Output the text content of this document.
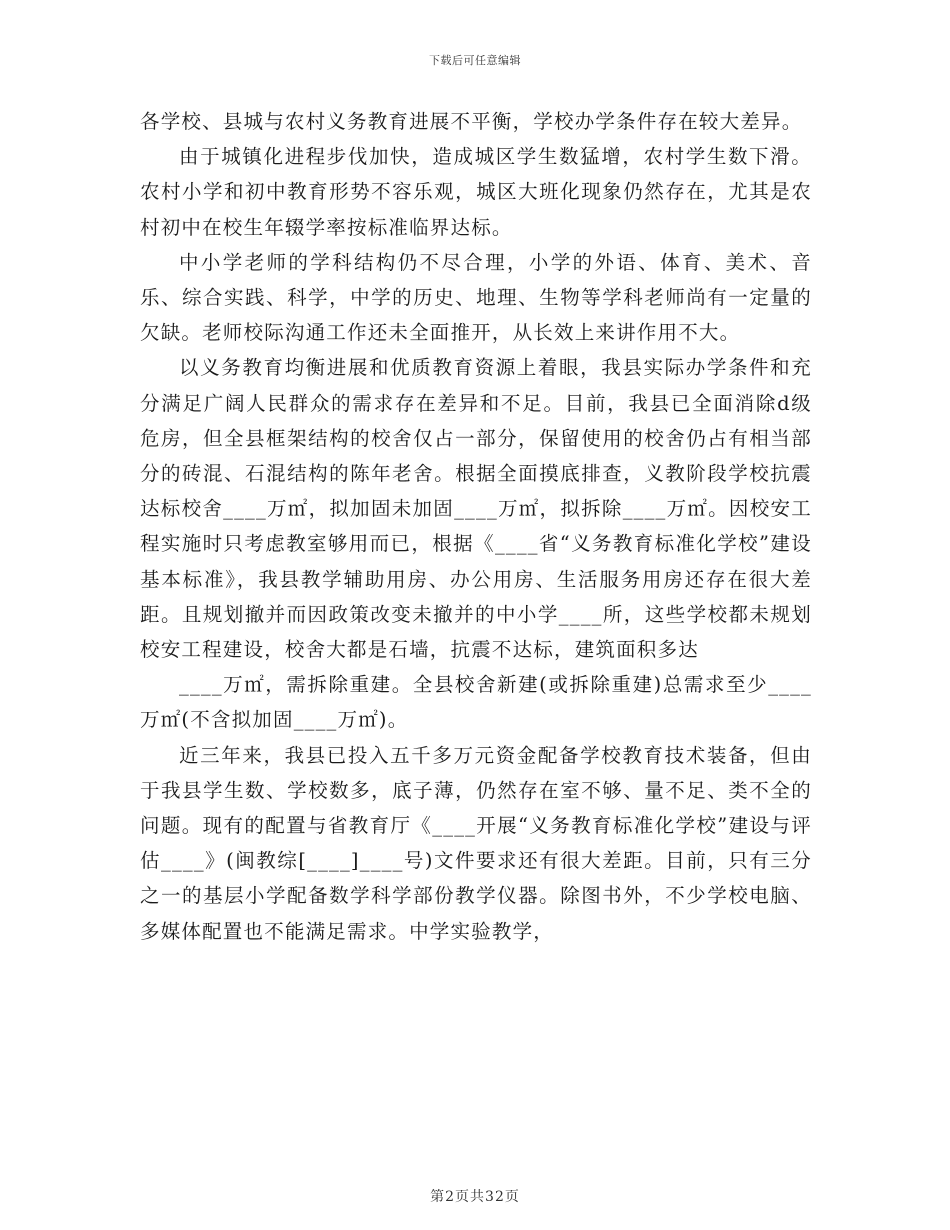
下载后可任意编辑

各学校、县城与农村义务教育进展不平衡，学校办学条件存在较大差异。

由于城镇化进程步伐加快，造成城区学生数猛增，农村学生数下滑。农村小学和初中教育形势不容乐观，城区大班化现象仍然存在，尤其是农村初中在校生年辍学率按标准临界达标。

中小学老师的学科结构仍不尽合理，小学的外语、体育、美术、音乐、综合实践、科学，中学的历史、地理、生物等学科老师尚有一定量的欠缺。老师校际沟通工作还未全面推开，从长效上来讲作用不大。

以义务教育均衡进展和优质教育资源上着眼，我县实际办学条件和充分满足广阔人民群众的需求存在差异和不足。目前，我县已全面消除d级危房，但全县框架结构的校舍仅占一部分，保留使用的校舍仍占有相当部分的砖混、石混结构的陈年老舍。根据全面摸底排查，义教阶段学校抗震达标校舍____万㎡，拟加固未加固____万㎡，拟拆除____万㎡。因校安工程实施时只考虑教室够用而已，根据《____省“义务教育标准化学校”建设基本标准》，我县教学辅助用房、办公用房、生活服务用房还存在很大差距。且规划撤并而因政策改变未撤并的中小学____所，这些学校都未规划校安工程建设，校舍大都是石墙，抗震不达标，建筑面积多达

____万㎡，需拆除重建。全县校舍新建(或拆除重建)总需求至少____万㎡(不含拟加固____万㎡)。

近三年来，我县已投入五千多万元资金配备学校教育技术装备，但由于我县学生数、学校数多，底子薄，仍然存在室不够、量不足、类不全的问题。现有的配置与省教育厅《____开展“义务教育标准化学校”建设与评估____》(闽教综[____]____号)文件要求还有很大差距。目前，只有三分之一的基层小学配备数学科学部份教学仪器。除图书外，不少学校电脑、多媒体配置也不能满足需求。中学实验教学，

第2页共32页
